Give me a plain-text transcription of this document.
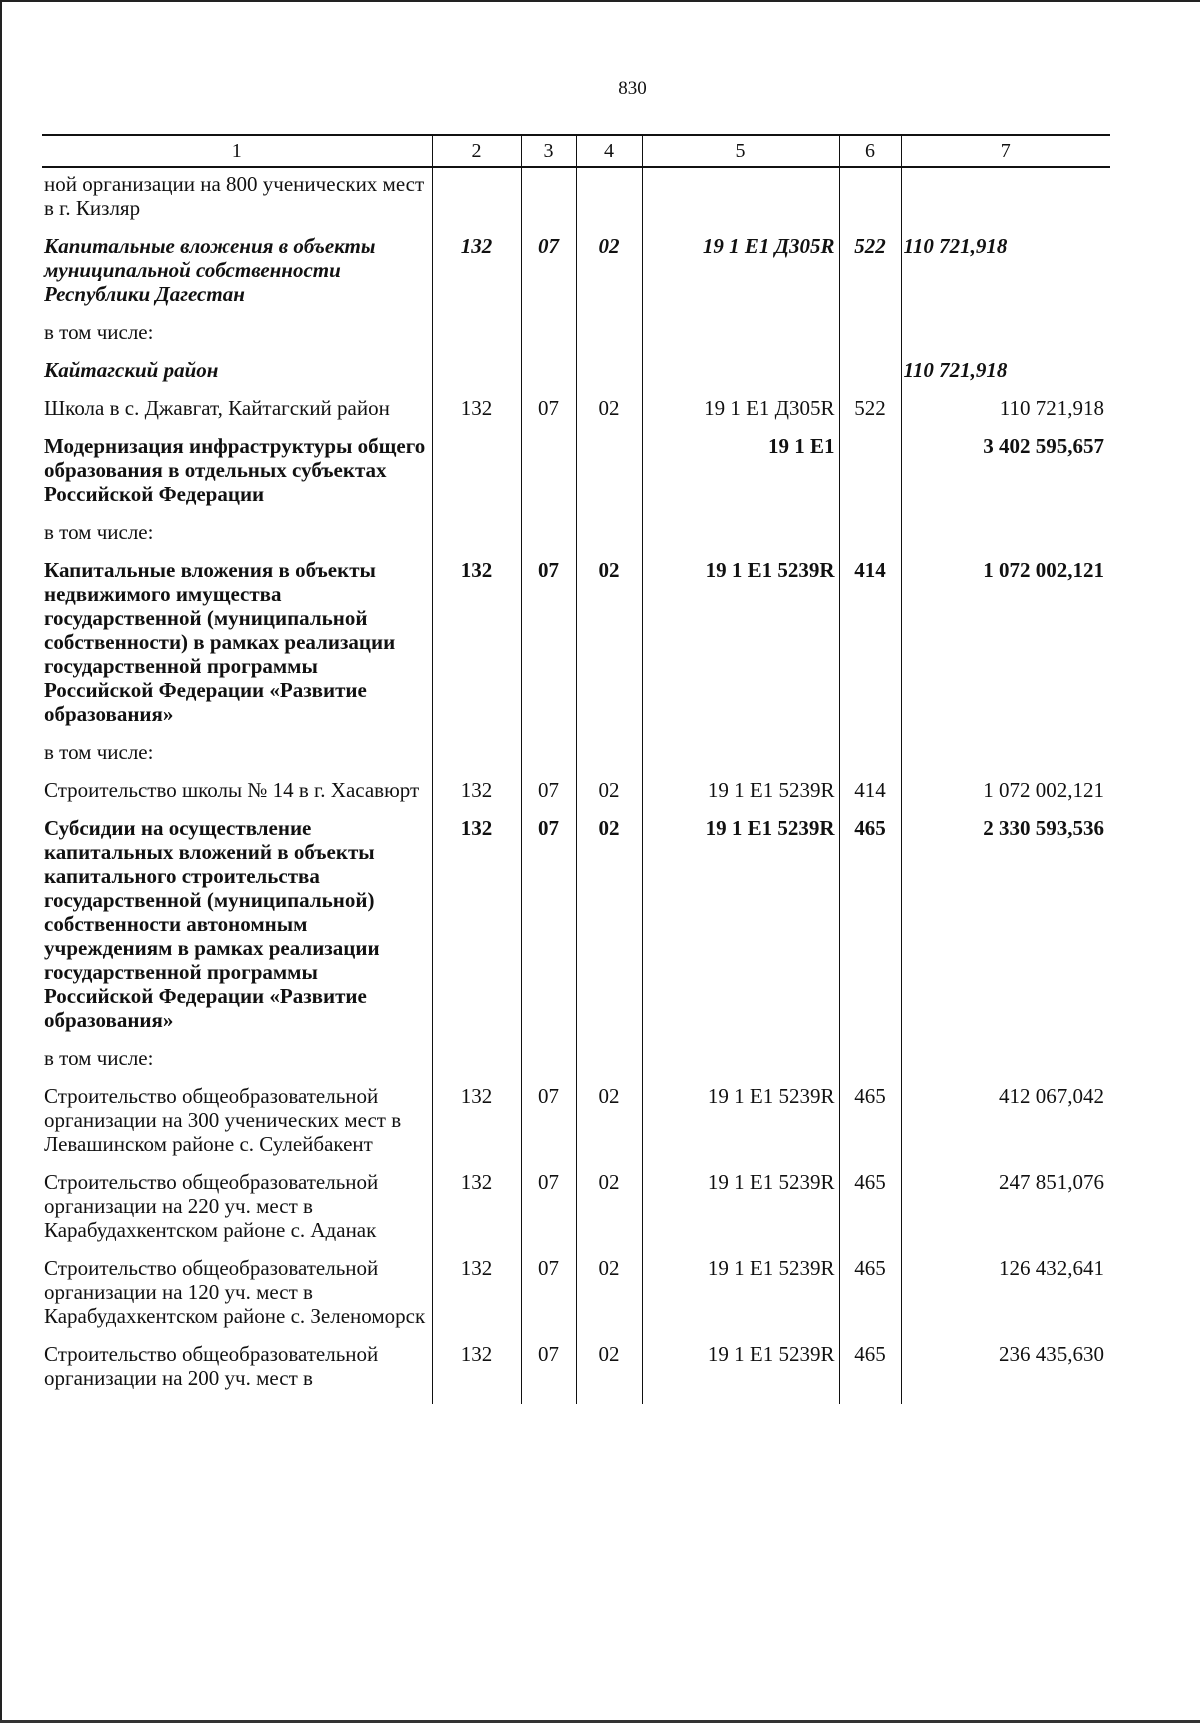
830
1	2	3	4	5	6	7
ной организации на 800 ученических мест в г. Кизляр						
Капитальные вложения в объекты муниципальной собственности Республики Дагестан	132	07	02	19 1 E1 Д305R	522	110 721,918
в том числе:						
Кайтагский район						110 721,918
Школа в с. Джавгат, Кайтагский район	132	07	02	19 1 E1 Д305R	522	110 721,918
Модернизация инфраструктуры общего образования в отдельных субъектах Российской Федерации				19 1 E1		3 402 595,657
в том числе:						
Капитальные вложения в объекты недвижимого имущества государственной (муниципальной собственности) в рамках реализации государственной программы Российской Федерации «Развитие образования»	132	07	02	19 1 E1 5239R	414	1 072 002,121
в том числе:						
Строительство школы № 14 в г. Хасавюрт	132	07	02	19 1 E1 5239R	414	1 072 002,121
Субсидии на осуществление капитальных вложений в объекты капитального строительства государственной (муниципальной) собственности автономным учреждениям в рамках реализации государственной программы Российской Федерации «Развитие образования»	132	07	02	19 1 E1 5239R	465	2 330 593,536
в том числе:						
Строительство общеобразовательной организации на 300 ученических мест в Левашинском районе с. Сулейбакент	132	07	02	19 1 E1 5239R	465	412 067,042
Строительство общеобразовательной организации на 220 уч. мест в Карабудахкентском районе с. Аданак	132	07	02	19 1 E1 5239R	465	247 851,076
Строительство общеобразовательной организации на 120 уч. мест в Карабудахкентском районе с. Зеленоморск	132	07	02	19 1 E1 5239R	465	126 432,641
Строительство общеобразовательной организации на 200 уч. мест в	132	07	02	19 1 E1 5239R	465	236 435,630
